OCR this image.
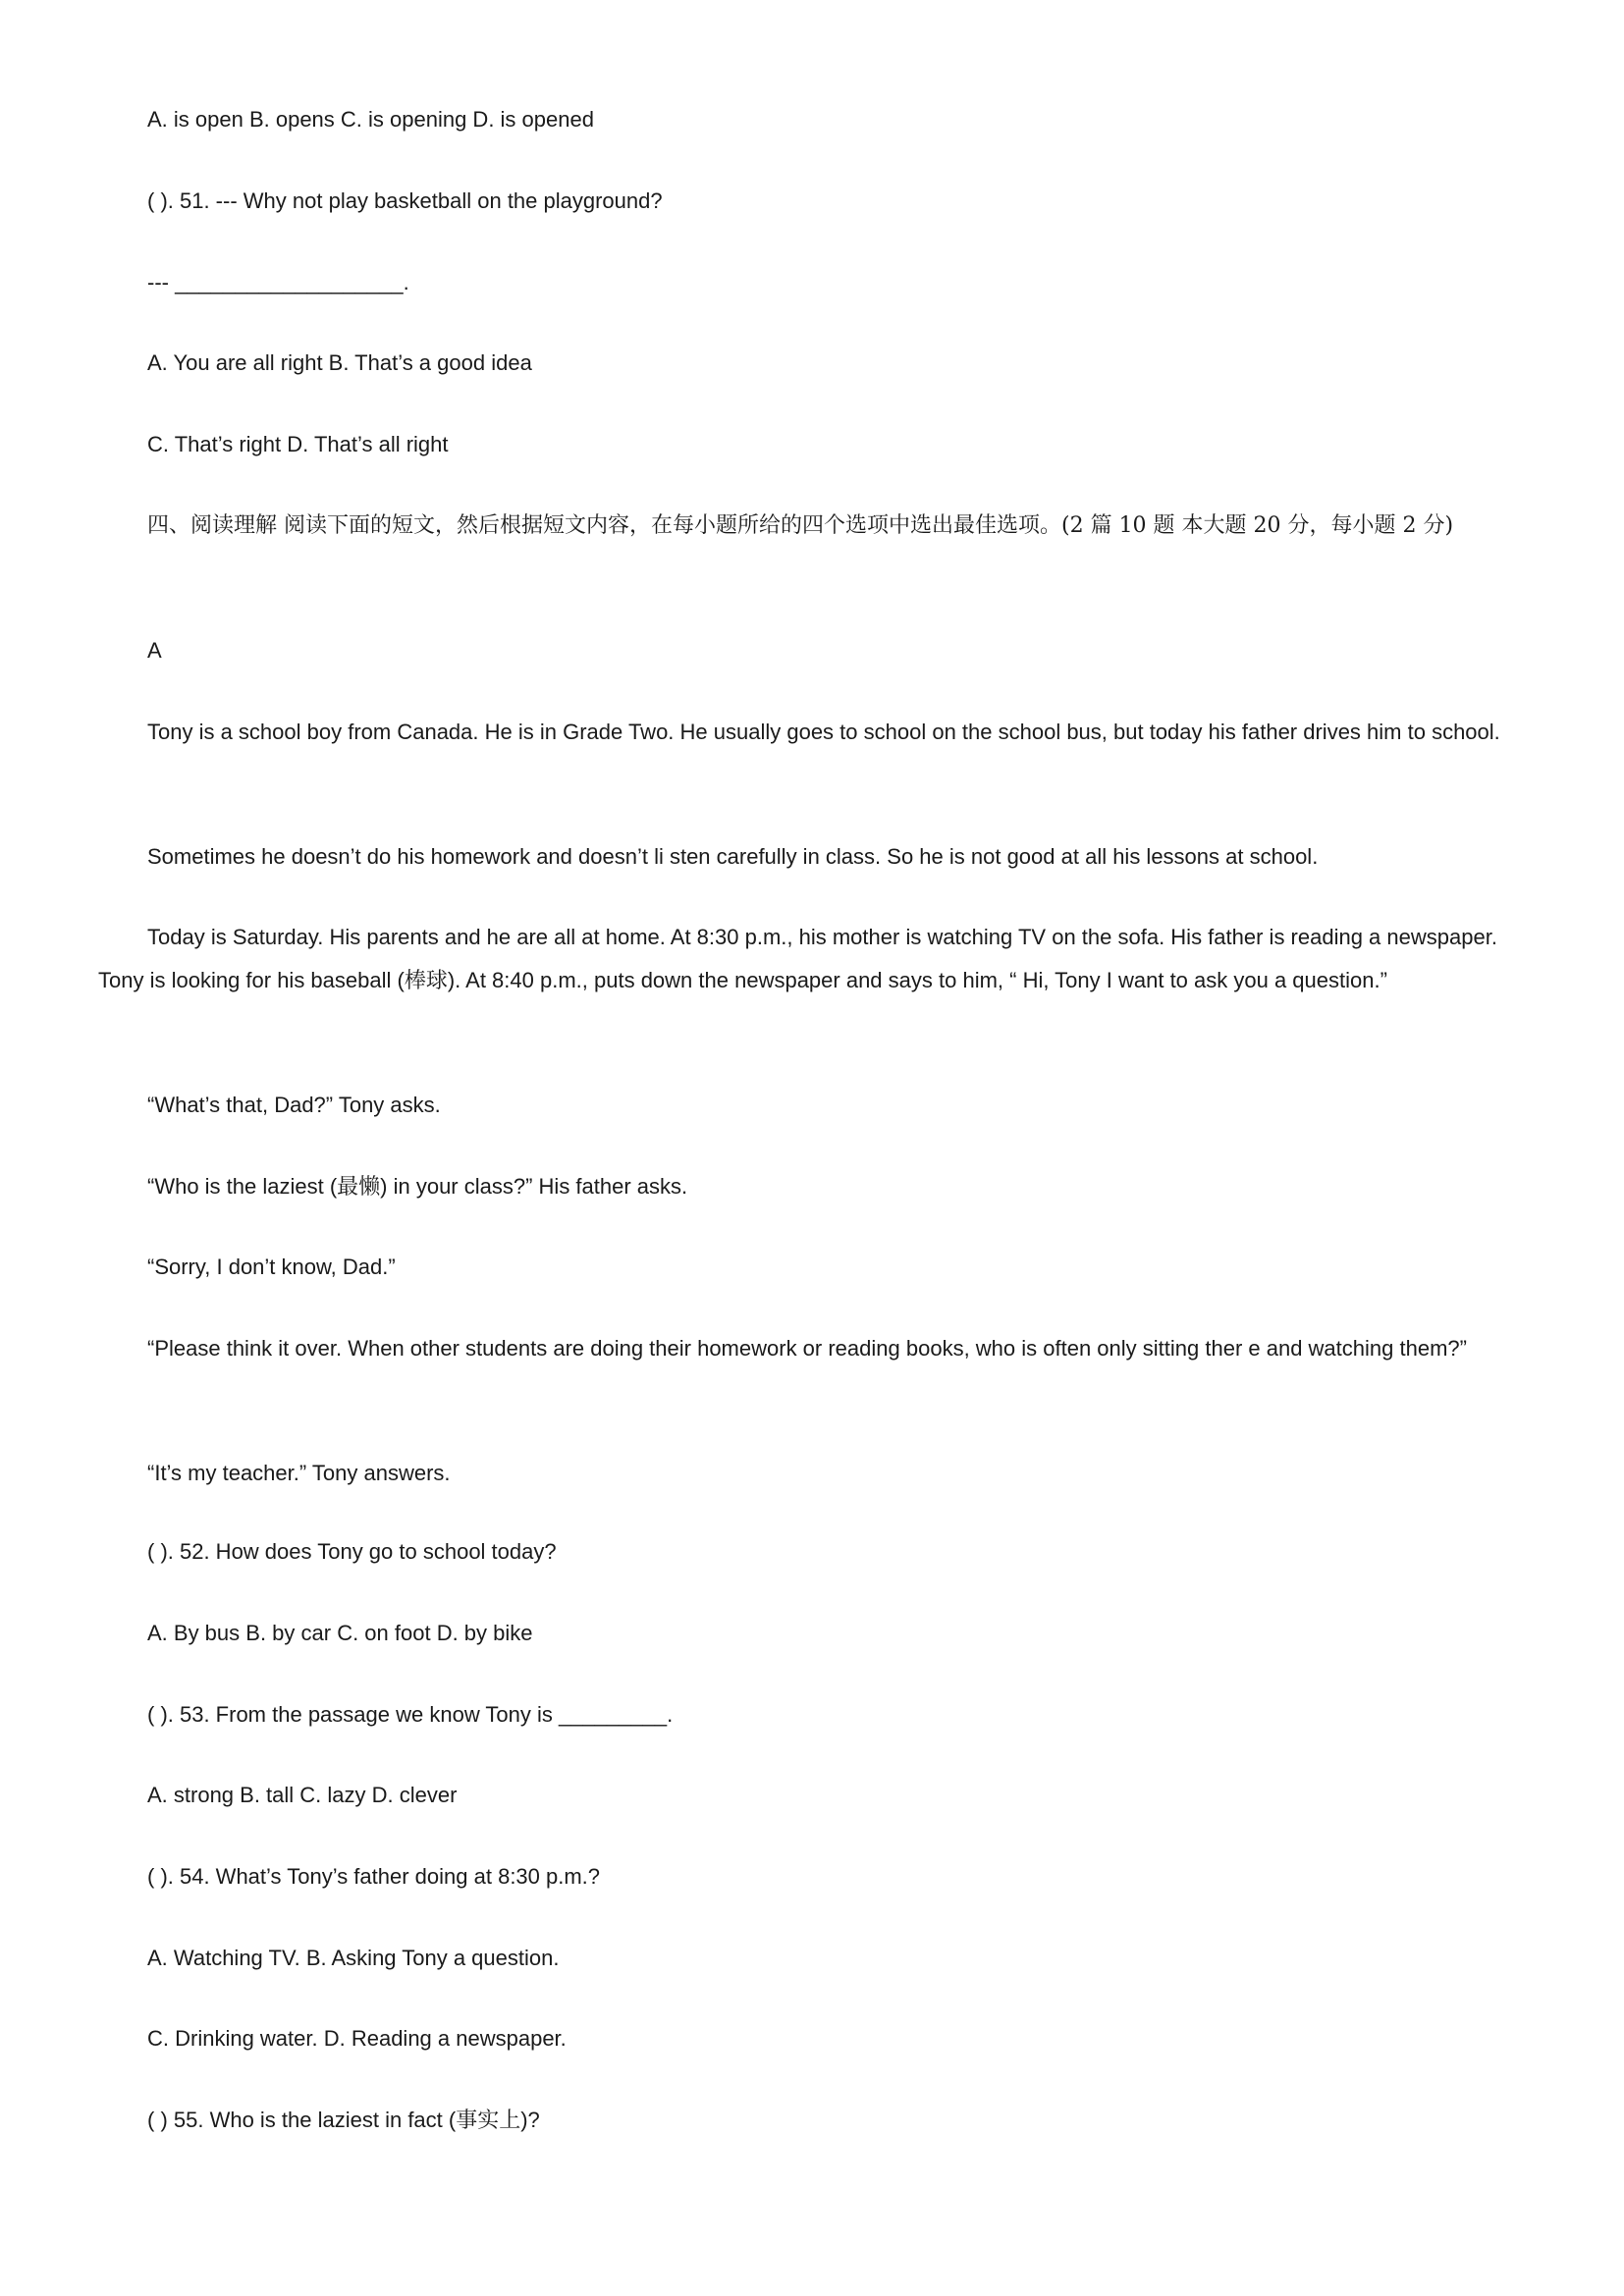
A. is open B. opens C. is opening D. is opened

( ). 51. --- Why not play basketball on the playground?

--- ___________________.

A. You are all right B. That’s a good idea

C. That’s right D. That’s all right

四、阅读理解 阅读下面的短文，然后根据短文内容，在每小题所给的四个选项中选出最佳选项。(2 篇 10 题 本大题 20 分，每小题 2 分)

A

Tony is a school boy from Canada. He is in Grade Two. He usually goes to school on the school bus, but today his father drives him to school.

Sometimes he doesn’t do his homework and doesn’t li sten carefully in class. So he is not good at all his lessons at school.

Today is Saturday. His parents and he are all at home. At 8:30 p.m., his mother is watching TV on the sofa. His father is reading a newspaper. Tony is looking for his baseball (棒球). At 8:40 p.m., puts down the newspaper and says to him, “ Hi, Tony I want to ask you a question.”

“What’s that, Dad?” Tony asks.

“Who is the laziest (最懒) in your class?” His father asks.

“Sorry, I don’t know, Dad.”

“Please think it over. When other students are doing their homework or reading books, who is often only sitting ther e and watching them?”

“It’s my teacher.” Tony answers.

( ). 52. How does Tony go to school today?

A. By bus B. by car C. on foot D. by bike

( ). 53. From the passage we know Tony is _________.

A. strong B. tall C. lazy D. clever

( ). 54. What’s Tony’s father doing at 8:30 p.m.?

A. Watching TV. B. Asking Tony a question.

C. Drinking water. D. Reading a newspaper.

( ) 55. Who is the laziest in fact (事实上)?
